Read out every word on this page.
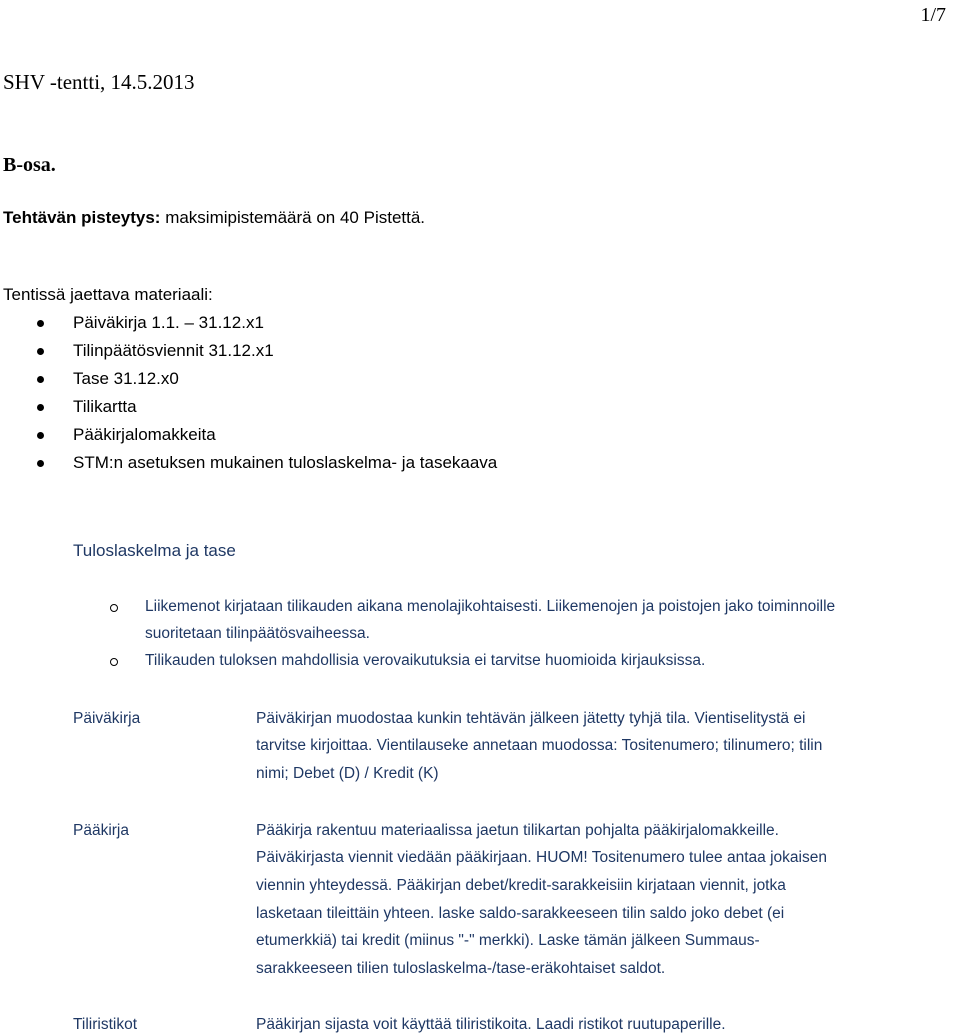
1/7
SHV -tentti, 14.5.2013
B-osa.
Tehtävän pisteytys: maksimipistemäärä on 40 Pistettä.
Tentissä jaettava materiaali:
Päiväkirja 1.1. – 31.12.x1
Tilinpäätösviennit 31.12.x1
Tase 31.12.x0
Tilikartta
Pääkirjalomakkeita
STM:n asetuksen mukainen tuloslaskelma- ja tasekaava
Tuloslaskelma ja tase
Liikemenot kirjataan tilikauden aikana menolajikohtaisesti. Liikemenojen ja poistojen jako toiminnoille
suoritetaan tilinpäätösvaiheessa.
Tilikauden tuloksen mahdollisia verovaikutuksia ei tarvitse huomioida kirjauksissa.
Päiväkirja	Päiväkirjan muodostaa kunkin tehtävän jälkeen jätetty tyhjä tila. Vientiselitystä ei
tarvitse kirjoittaa. Vientilauseke annetaan muodossa: Tositenumero; tilinumero; tilin
nimi; Debet (D) / Kredit (K)
Pääkirja	Pääkirja rakentuu materiaalissa jaetun tilikartan pohjalta pääkirjalomakkeille.
Päiväkirjasta viennit viedään pääkirjaan. HUOM! Tositenumero tulee antaa jokaisen
viennin yhteydessä. Pääkirjan debet/kredit-sarakkeisiin kirjataan viennit, jotka
lasketaan tileittäin yhteen. laske saldo-sarakkeeseen tilin saldo joko debet (ei
etumerkkiä) tai kredit (miinus "-" merkki). Laske tämän jälkeen Summaus-
sarakkeeseen tilien tuloslaskelma-/tase-eräkohtaiset saldot.
Tiliristikot	Pääkirjan sijasta voit käyttää tiliristikoita. Laadi ristikot ruutupaperille.
